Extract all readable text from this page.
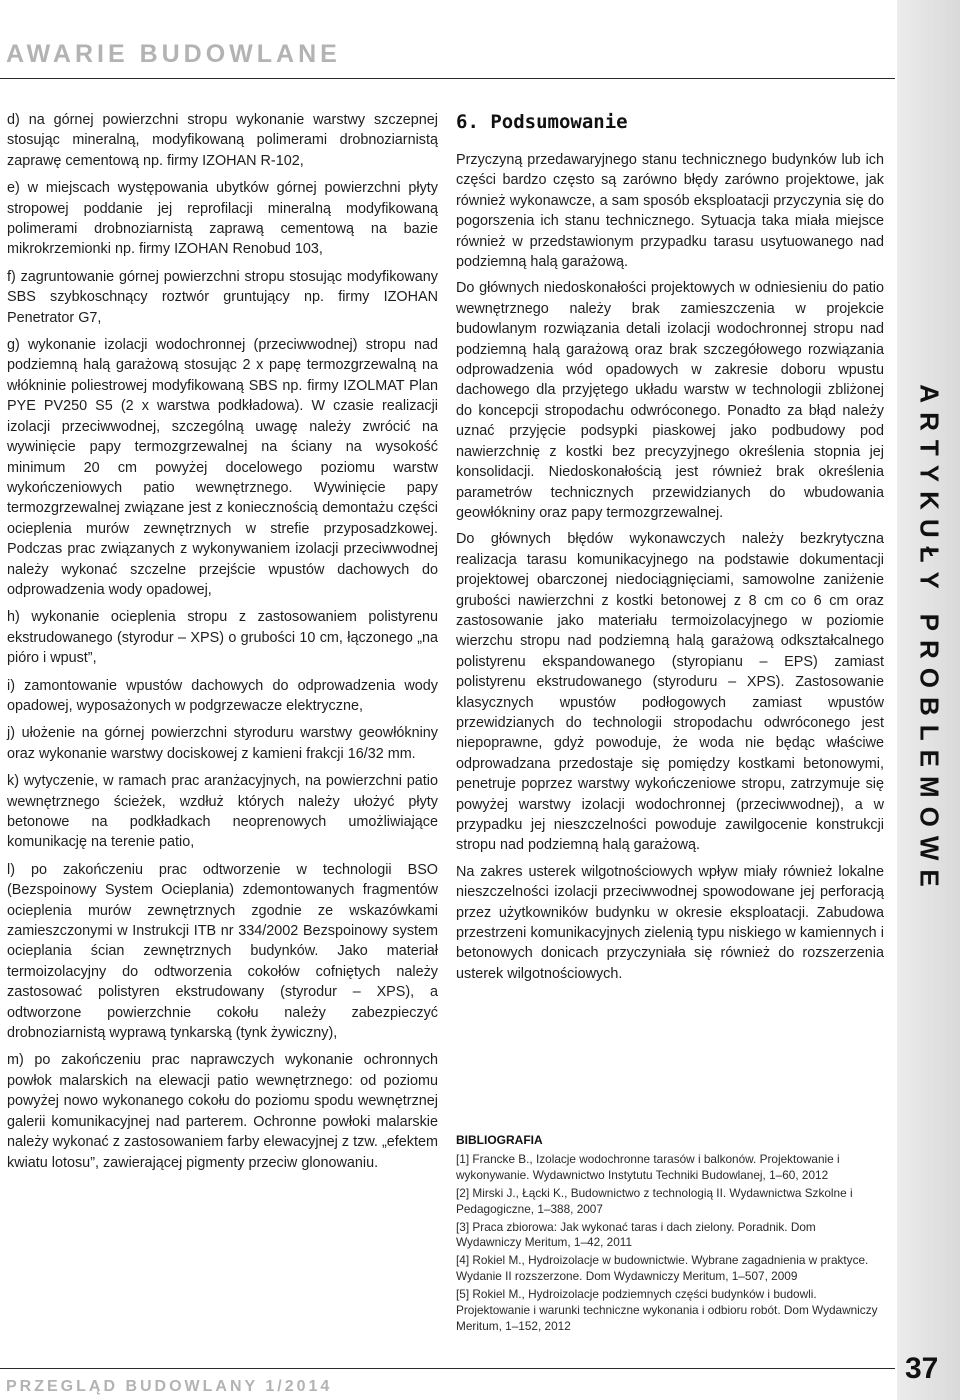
AWARIE BUDOWLANE
ARTYKUŁY PROBLEMOWE

d) na górnej powierzchni stropu wykonanie warstwy szczepnej stosując mineralną, modyfikowaną polimerami drobnoziarnistą zaprawę cementową np. firmy IZOHAN R-102,

e) w miejscach występowania ubytków górnej powierzchni płyty stropowej poddanie jej reprofilacji mineralną modyfikowaną polimerami drobnoziarnistą zaprawą cementową na bazie mikrokrzemionki np. firmy IZOHAN Renobud 103,

f) zagruntowanie górnej powierzchni stropu stosując modyfikowany SBS szybkoschnący roztwór gruntujący np. firmy IZOHAN Penetrator G7,

g) wykonanie izolacji wodochronnej (przeciwwodnej) stropu nad podziemną halą garażową stosując 2 x papę termozgrzewalną na włókninie poliestrowej modyfikowaną SBS np. firmy IZOLMAT Plan PYE PV250 S5 (2 x warstwa podkładowa). W czasie realizacji izolacji przeciwwodnej, szczególną uwagę należy zwrócić na wywinięcie papy termozgrzewalnej na ściany na wysokość minimum 20 cm powyżej docelowego poziomu warstw wykończeniowych patio wewnętrznego. Wywinięcie papy termozgrzewalnej związane jest z koniecznością demontażu części ocieplenia murów zewnętrznych w strefie przyposadzkowej. Podczas prac związanych z wykonywaniem izolacji przeciwwodnej należy wykonać szczelne przejście wpustów dachowych do odprowadzenia wody opadowej,

h) wykonanie ocieplenia stropu z zastosowaniem polistyrenu ekstrudowanego (styrodur – XPS) o grubości 10 cm, łączonego „na pióro i wpust”,

i) zamontowanie wpustów dachowych do odprowadzenia wody opadowej, wyposażonych w podgrzewacze elektryczne,

j) ułożenie na górnej powierzchni styroduru warstwy geowłókniny oraz wykonanie warstwy dociskowej z kamieni frakcji 16/32 mm.

k) wytyczenie, w ramach prac aranżacyjnych, na powierzchni patio wewnętrznego ścieżek, wzdłuż których należy ułożyć płyty betonowe na podkładkach neoprenowych umożliwiające komunikację na terenie patio,

l) po zakończeniu prac odtworzenie w technologii BSO (Bezspoinowy System Ocieplania) zdemontowanych fragmentów ocieplenia murów zewnętrznych zgodnie ze wskazówkami zamieszczonymi w Instrukcji ITB nr 334/2002 Bezspoinowy system ocieplania ścian zewnętrznych budynków. Jako materiał termoizolacyjny do odtworzenia cokołów cofniętych należy zastosować polistyren ekstrudowany (styrodur – XPS), a odtworzone powierzchnie cokołu należy zabezpieczyć drobnoziarnistą wyprawą tynkarską (tynk żywiczny),

m) po zakończeniu prac naprawczych wykonanie ochronnych powłok malarskich na elewacji patio wewnętrznego: od poziomu powyżej nowo wykonanego cokołu do poziomu spodu wewnętrznej galerii komunikacyjnej nad parterem. Ochronne powłoki malarskie należy wykonać z zastosowaniem farby elewacyjnej z tzw. „efektem kwiatu lotosu”, zawierającej pigmenty przeciw glonowaniu.

6. Podsumowanie

Przyczyną przedawaryjnego stanu technicznego budynków lub ich części bardzo często są zarówno błędy zarówno projektowe, jak również wykonawcze, a sam sposób eksploatacji przyczynia się do pogorszenia ich stanu technicznego. Sytuacja taka miała miejsce również w przedstawionym przypadku tarasu usytuowanego nad podziemną halą garażową.

Do głównych niedoskonałości projektowych w odniesieniu do patio wewnętrznego należy brak zamieszczenia w projekcie budowlanym rozwiązania detali izolacji wodochronnej stropu nad podziemną halą garażową oraz brak szczegółowego rozwiązania odprowadzenia wód opadowych w zakresie doboru wpustu dachowego dla przyjętego układu warstw w technologii zbliżonej do koncepcji stropodachu odwróconego. Ponadto za błąd należy uznać przyjęcie podsypki piaskowej jako podbudowy pod nawierzchnię z kostki bez precyzyjnego określenia stopnia jej konsolidacji. Niedoskonałością jest również brak określenia parametrów technicznych przewidzianych do wbudowania geowłókniny oraz papy termozgrzewalnej.

Do głównych błędów wykonawczych należy bezkrytyczna realizacja tarasu komunikacyjnego na podstawie dokumentacji projektowej obarczonej niedociągnięciami, samowolne zaniżenie grubości nawierzchni z kostki betonowej z 8 cm co 6 cm oraz zastosowanie jako materiału termoizolacyjnego w poziomie wierzchu stropu nad podziemną halą garażową odkształcalnego polistyrenu ekspandowanego (styropianu – EPS) zamiast polistyrenu ekstrudowanego (styroduru – XPS). Zastosowanie klasycznych wpustów podłogowych zamiast wpustów przewidzianych do technologii stropodachu odwróconego jest niepoprawne, gdyż powoduje, że woda nie będąc właściwe odprowadzana przedostaje się pomiędzy kostkami betonowymi, penetruje poprzez warstwy wykończeniowe stropu, zatrzymuje się powyżej warstwy izolacji wodochronnej (przeciwwodnej), a w przypadku jej nieszczelności powoduje zawilgocenie konstrukcji stropu nad podziemną halą garażową.

Na zakres usterek wilgotnościowych wpływ miały również lokalne nieszczelności izolacji przeciwwodnej spowodowane jej perforacją przez użytkowników budynku w okresie eksploatacji. Zabudowa przestrzeni komunikacyjnych zielenią typu niskiego w kamiennych i betonowych donicach przyczyniała się również do rozszerzenia usterek wilgotnościowych.

BIBLIOGRAFIA
[1] Francke B., Izolacje wodochronne tarasów i balkonów. Projektowanie i wykonywanie. Wydawnictwo Instytutu Techniki Budowlanej, 1–60, 2012
[2] Mirski J., Łącki K., Budownictwo z technologią II. Wydawnictwa Szkolne i Pedagogiczne, 1–388, 2007
[3] Praca zbiorowa: Jak wykonać taras i dach zielony. Poradnik. Dom Wydawniczy Meritum, 1–42, 2011
[4] Rokiel M., Hydroizolacje w budownictwie. Wybrane zagadnienia w praktyce. Wydanie II rozszerzone. Dom Wydawniczy Meritum, 1–507, 2009
[5] Rokiel M., Hydroizolacje podziemnych części budynków i budowli. Projektowanie i warunki techniczne wykonania i odbioru robót. Dom Wydawniczy Meritum, 1–152, 2012
PRZEGLĄD BUDOWLANY 1/2014
37
